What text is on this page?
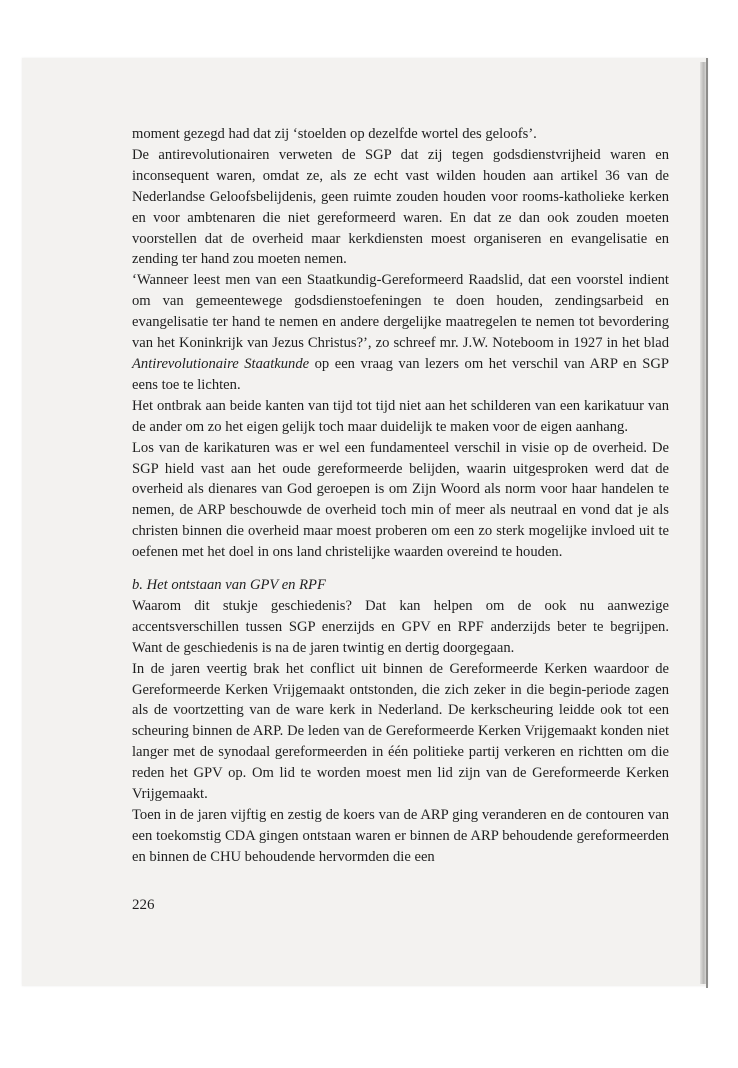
moment gezegd had dat zij ‘stoelden op dezelfde wortel des geloofs’.

De antirevolutionairen verweten de SGP dat zij tegen godsdienstvrijheid waren en inconsequent waren, omdat ze, als ze echt vast wilden houden aan artikel 36 van de Nederlandse Geloofsbelijdenis, geen ruimte zouden houden voor rooms-katholieke kerken en voor ambtenaren die niet gereformeerd waren. En dat ze dan ook zouden moeten voorstellen dat de overheid maar kerkdiensten moest organiseren en evangelisatie en zending ter hand zou moeten nemen.

‘Wanneer leest men van een Staatkundig-Gereformeerd Raadslid, dat een voorstel indient om van gemeentewege godsdienstoefeningen te doen houden, zendingsarbeid en evangelisatie ter hand te nemen en andere dergelijke maatregelen te nemen tot bevordering van het Koninkrijk van Jezus Christus?’, zo schreef mr. J.W. Noteboom in 1927 in het blad Antirevolutionaire Staatkunde op een vraag van lezers om het verschil van ARP en SGP eens toe te lichten.

Het ontbrak aan beide kanten van tijd tot tijd niet aan het schilderen van een karikatuur van de ander om zo het eigen gelijk toch maar duidelijk te maken voor de eigen aanhang.

Los van de karikaturen was er wel een fundamenteel verschil in visie op de overheid. De SGP hield vast aan het oude gereformeerde belijden, waarin uitgesproken werd dat de overheid als dienares van God geroepen is om Zijn Woord als norm voor haar handelen te nemen, de ARP beschouwde de overheid toch min of meer als neutraal en vond dat je als christen binnen die overheid maar moest proberen om een zo sterk mogelijke invloed uit te oefenen met het doel in ons land christelijke waarden overeind te houden.

b. Het ontstaan van GPV en RPF

Waarom dit stukje geschiedenis? Dat kan helpen om de ook nu aanwezige accentsverschillen tussen SGP enerzijds en GPV en RPF anderzijds beter te begrijpen. Want de geschiedenis is na de jaren twintig en dertig doorgegaan.

In de jaren veertig brak het conflict uit binnen de Gereformeerde Kerken waardoor de Gereformeerde Kerken Vrijgemaakt ontstonden, die zich zeker in die begin-periode zagen als de voortzetting van de ware kerk in Nederland. De kerkscheuring leidde ook tot een scheuring binnen de ARP. De leden van de Gereformeerde Kerken Vrijgemaakt konden niet langer met de synodaal gereformeerden in één politieke partij verkeren en richtten om die reden het GPV op. Om lid te worden moest men lid zijn van de Gereformeerde Kerken Vrijgemaakt.

Toen in de jaren vijftig en zestig de koers van de ARP ging veranderen en de contouren van een toekomstig CDA gingen ontstaan waren er binnen de ARP behoudende gereformeerden en binnen de CHU behoudende hervormden die een

226
